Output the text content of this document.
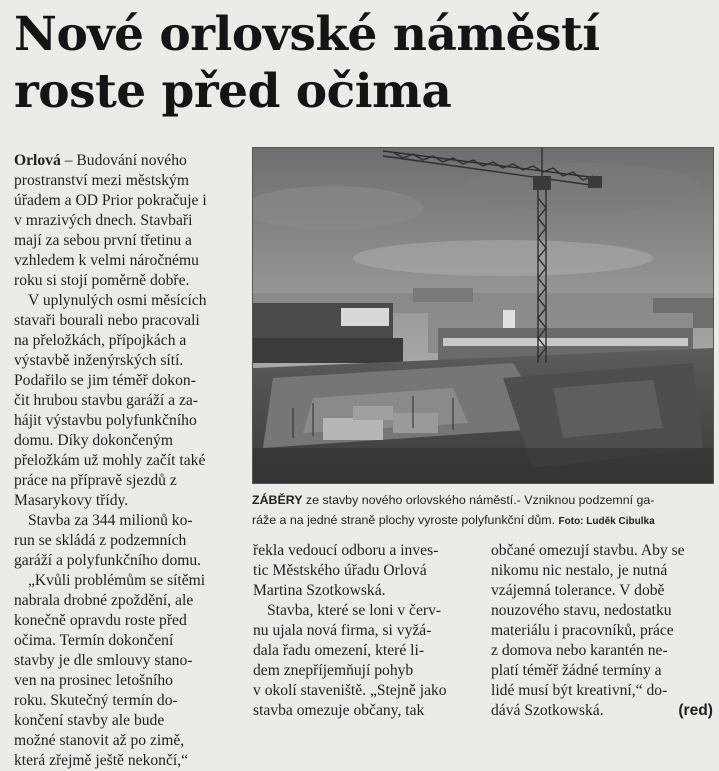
Nové orlovské náměstí
roste před očima

Orlová – Budování nového

prostranství mezi městským

úřadem a OD Prior pokračuje i

v mrazivých dnech. Stavbaři

mají za sebou první třetinu a

vzhledem k velmi náročnému

roku si stojí poměrně dobře.

V uplynulých osmi měsících

stavaři bourali nebo pracovali

na přeložkách, přípojkách a

výstavbě inženýrských sítí.

Podařilo se jim téměř dokon-

čit hrubou stavbu garáží a za-

hájit výstavbu polyfunkčního

domu. Díky dokončeným

přeložkám už mohly začít také

práce na přípravě sjezdů z

Masarykovy třídy.

Stavba za 344 milionů ko-

run se skládá z podzemních

garáží a polyfunkčního domu.

„Kvůli problémům se sítěmi

nabrala drobné zpoždění, ale

konečně opravdu roste před

očima. Termín dokončení

stavby je dle smlouvy stano-

ven na prosinec letošního

roku. Skutečný termín do-

končení stavby ale bude

možné stanovit až po zimě,

která zřejmě ještě nekončí,“

ZÁBĚRY ze stavby nového orlovského náměstí.- Vzniknou podzemní ga-

ráže a na jedné straně plochy vyroste polyfunkční dům. Foto: Luděk Cibulka

řekla vedoucí odboru a inves-

tic Městského úřadu Orlová

Martina Szotkowská.

Stavba, které se loni v červ-

nu ujala nová firma, si vyžá-

dala řadu omezení, které li-

dem znepříjemňují pohyb

v okolí staveniště. „Stejně jako

stavba omezuje občany, tak

občané omezují stavbu. Aby se

nikomu nic nestalo, je nutná

vzájemná tolerance. V době

nouzového stavu, nedostatku

materiálu i pracovníků, práce

z domova nebo karantén ne-

platí téměř žádné termíny a

lidé musí být kreativní,“ do-

dává Szotkowská.	(red)
